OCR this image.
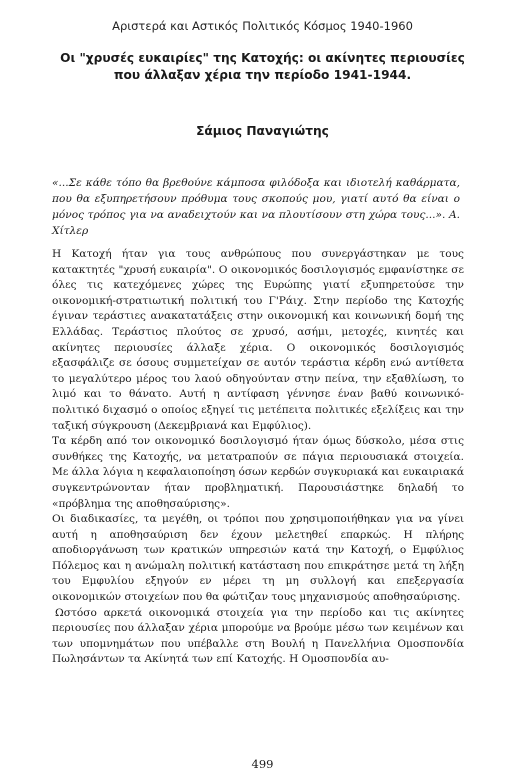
Αριστερά και Αστικός Πολιτικός Κόσμος 1940-1960
Οι "χρυσές ευκαιρίες" της Κατοχής: οι ακίνητες περιουσίες
που άλλαξαν χέρια την περίοδο 1941-1944.
Σάμιος Παναγιώτης

«...Σε κάθε τόπο θα βρεθούνε κάμποσα φιλόδοξα και ιδιοτελή καθάρματα, που θα εξυπηρετήσουν πρόθυμα τους σκοπούς μου, γιατί αυτό θα είναι ο μόνος τρόπος για να αναδειχτούν και να πλουτίσουν στη χώρα τους...». Α. Χίτλερ

Η Κατοχή ήταν για τους ανθρώπους που συνεργάστηκαν με τους κατακτητές "χρυσή ευκαιρία". Ο οικονομικός δοσιλογισμός εμφανίστηκε σε όλες τις κατεχόμενες χώρες της Ευρώπης γιατί εξυπηρετούσε την οικονομική-στρατιωτική πολιτική του Γ'Ράιχ. Στην περίοδο της Κατοχής έγιναν τεράστιες ανακατατάξεις στην οικονομική και κοινωνική δομή της Ελλάδας. Τεράστιος πλούτος σε χρυσό, ασήμι, μετοχές, κινητές και ακίνητες περιουσίες άλλαξε χέρια. Ο οικονομικός δοσιλογισμός εξασφάλιζε σε όσους συμμετείχαν σε αυτόν τεράστια κέρδη ενώ αντίθετα το μεγαλύτερο μέρος του λαού οδηγούνταν στην πείνα, την εξαθλίωση, το λιμό και το θάνατο. Αυτή η αντίφαση γέννησε έναν βαθύ κοινωνικό-πολιτικό διχασμό ο οποίος εξηγεί τις μετέπειτα πολιτικές εξελίξεις και την ταξική σύγκρουση (Δεκεμβριανά και Εμφύλιος).

Τα κέρδη από τον οικονομικό δοσιλογισμό ήταν όμως δύσκολο, μέσα στις συνθήκες της Κατοχής, να μετατραπούν σε πάγια περιουσιακά στοιχεία. Με άλλα λόγια η κεφαλαιοποίηση όσων κερδών συγκυριακά και ευκαιριακά συγκεντρώνονταν ήταν προβληματική. Παρουσιάστηκε δηλαδή το «πρόβλημα της αποθησαύρισης».

Οι διαδικασίες, τα μεγέθη, οι τρόποι που χρησιμοποιήθηκαν για να γίνει αυτή η αποθησαύριση δεν έχουν μελετηθεί επαρκώς. Η πλήρης αποδιοργάνωση των κρατικών υπηρεσιών κατά την Κατοχή, ο Εμφύλιος Πόλεμος και η ανώμαλη πολιτική κατάσταση που επικράτησε μετά τη λήξη του Εμφυλίου εξηγούν εν μέρει τη μη συλλογή και επεξεργασία οικονομικών στοιχείων που θα φώτιζαν τους μηχανισμούς αποθησαύρισης.

Ωστόσο αρκετά οικονομικά στοιχεία για την περίοδο και τις ακίνητες περιουσίες που άλλαξαν χέρια μπορούμε να βρούμε μέσω των κειμένων και των υπομνημάτων που υπέβαλλε στη Βουλή η Πανελλήνια Ομοσπονδία Πωλησάντων τα Ακίνητά των επί Κατοχής. Η Ομοσπονδία αυ-

499
